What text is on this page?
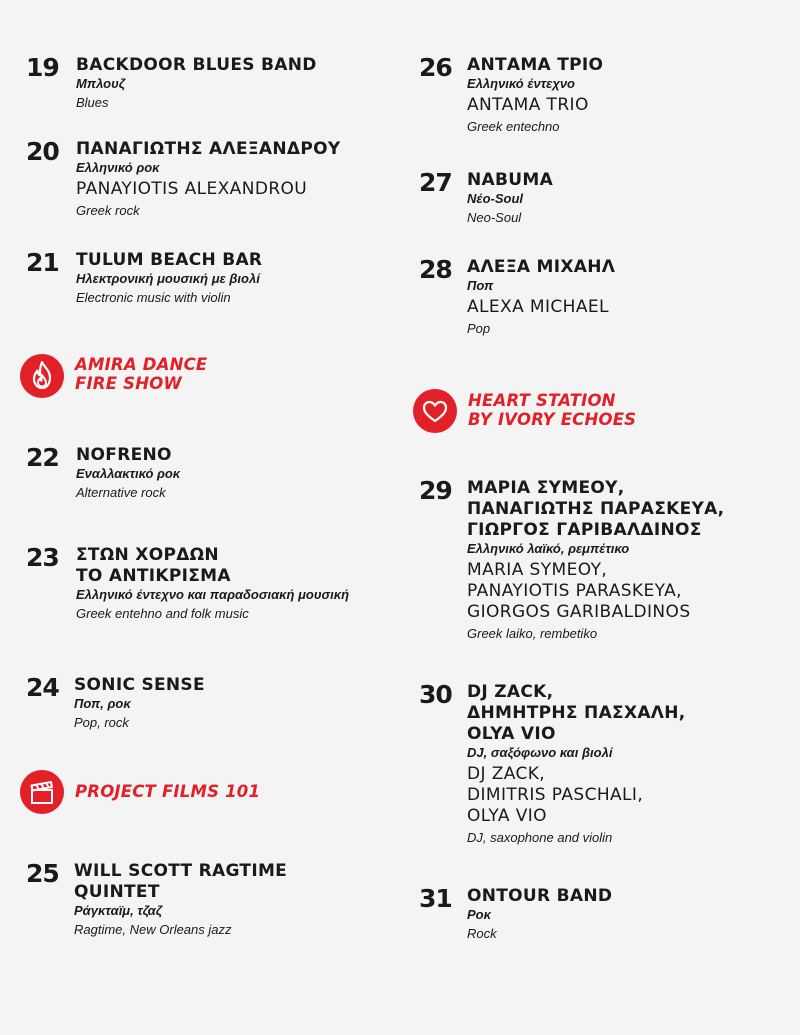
19 BACKDOOR BLUES BAND
Μπλουζ
Blues
20 ΠΑΝΑΓΙΩΤΗΣ ΑΛΕΞΑΝΔΡΟΥ
Ελληνικό ροκ
PANAYIOTIS ALEXANDROU
Greek rock
21 TULUM BEACH BAR
Ηλεκτρονική μουσική με βιολί
Electronic music with violin
AMIRA DANCE
FIRE SHOW
22 NOFRENO
Εναλλακτικό ροκ
Alternative rock
23 ΣΤΩΝ ΧΟΡΔΩΝ
ΤΟ ΑΝΤΙΚΡΙΣΜΑ
Ελληνικό έντεχνο και παραδοσιακή μουσική
Greek entehno and folk music
24 SONIC SENSE
Ποπ, ροκ
Pop, rock
PROJECT FILMS 101
25 WILL SCOTT RAGTIME
QUINTET
Ράγκταϊμ, τζαζ
Ragtime, New Orleans jazz
26 ΑΝΤΑΜΑ ΤΡΙΟ
Ελληνικό έντεχνο
ANTAMA TRIO
Greek entechno
27 NABUMA
Νέο-Soul
Neo-Soul
28 ΑΛΕΞΑ ΜΙΧΑΗΛ
Ποπ
ALEXA MICHAEL
Pop
HEART STATION
BY IVORY ECHOES
29 ΜΑΡΙΑ ΣΥΜΕΟΥ,
ΠΑΝΑΓΙΩΤΗΣ ΠΑΡΑΣΚΕΥΑ,
ΓΙΩΡΓΟΣ ΓΑΡΙΒΑΛΔΙΝΟΣ
Ελληνικό λαϊκό, ρεμπέτικο
MARIA SYMEOY,
PANAYIOTIS PARASKEYA,
GIORGOS GARIBALDINOS
Greek laiko, rembetiko
30 DJ ZACK,
ΔΗΜΗΤΡΗΣ ΠΑΣΧΑΛΗ,
OLYA VIO
DJ, σαξόφωνο και βιολί
DJ ZACK,
DIMITRIS PASCHALI,
OLYA VIO
DJ, saxophone and violin
31 ONTOUR BAND
Ροκ
Rock
